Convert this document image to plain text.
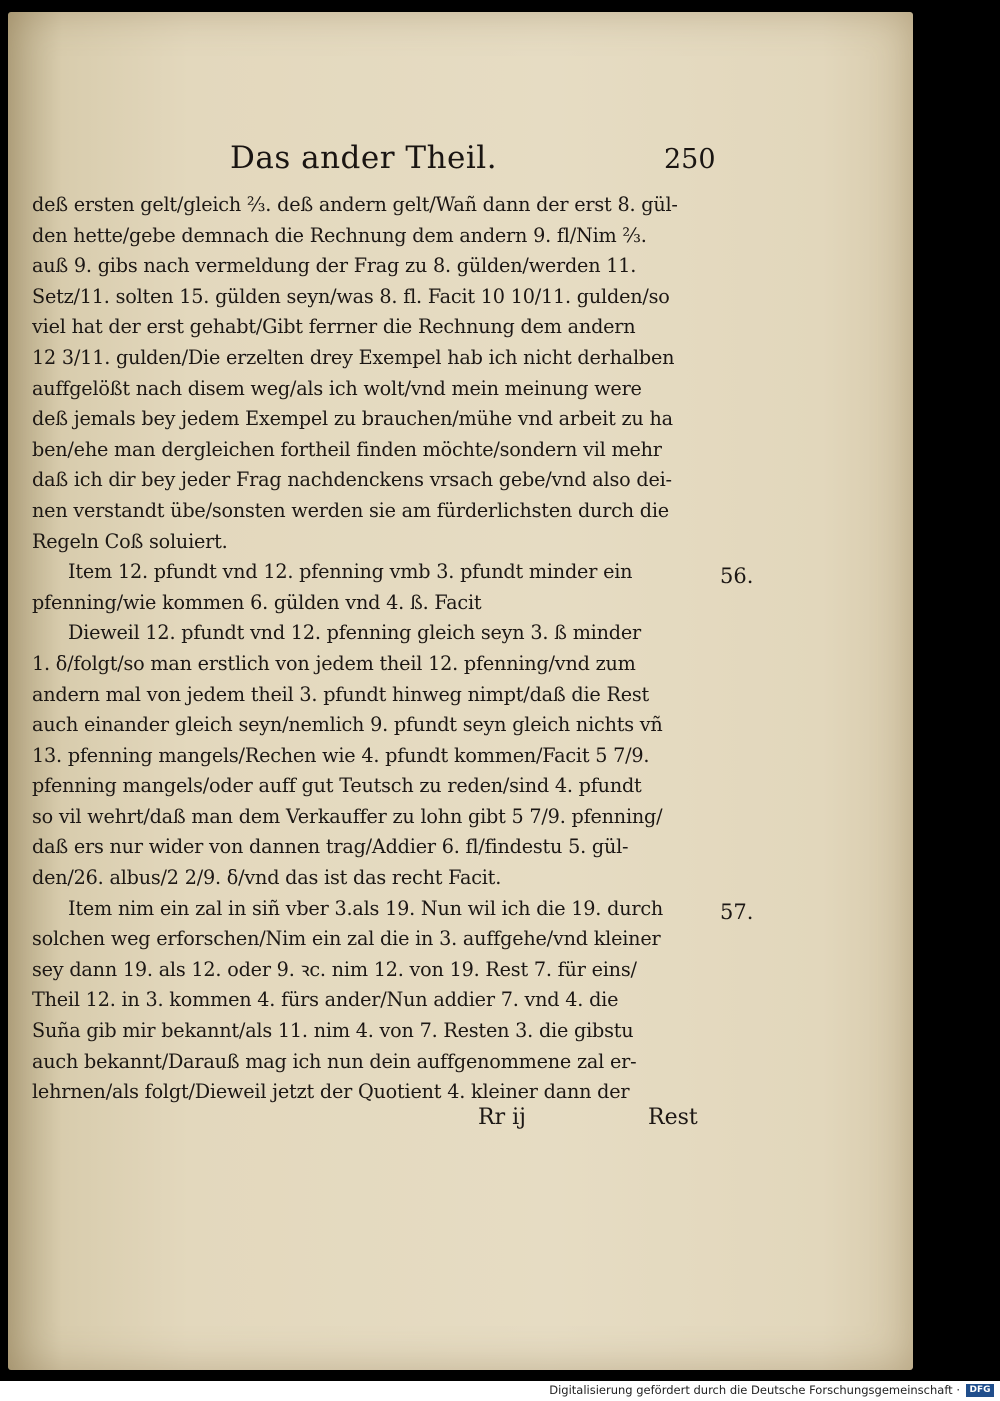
Das ander Theil.	250
deß ersten gelt/gleich ⅔. deß andern gelt/Wañ dann der erst 8. gül-
den hette/gebe demnach die Rechnung dem andern 9. fl/Nim ⅔.
auß 9. gibs nach vermeldung der Frag zu 8. gülden/werden 11.
Setz/11. solten 15. gülden seyn/was 8. fl. Facit 10 10/11. gulden/so
viel hat der erst gehabt/Gibt ferrner die Rechnung dem andern
12 3/11. gulden/Die erzelten drey Exempel hab ich nicht derhalben
auffgelößt nach disem weg/als ich wolt/vnd mein meinung were
deß jemals bey jedem Exempel zu brauchen/mühe vnd arbeit zu ha
ben/ehe man dergleichen fortheil finden möchte/sondern vil mehr
daß ich dir bey jeder Frag nachdenckens vrsach gebe/vnd also dei-
nen verstandt übe/sonsten werden sie am fürderlichsten durch die
Regeln Coß soluiert.
Item 12. pfundt vnd 12. pfenning vmb 3. pfundt minder ein
pfenning/wie kommen 6. gülden vnd 4. ß. Facit
Dieweil 12. pfundt vnd 12. pfenning gleich seyn 3. ß minder
1. δ/folgt/so man erstlich von jedem theil 12. pfenning/vnd zum
andern mal von jedem theil 3. pfundt hinweg nimpt/daß die Rest
auch einander gleich seyn/nemlich 9. pfundt seyn gleich nichts vñ
13. pfenning mangels/Rechen wie 4. pfundt kommen/Facit 5 7/9.
pfenning mangels/oder auff gut Teutsch zu reden/sind 4. pfundt
so vil wehrt/daß man dem Verkauffer zu lohn gibt 5 7/9. pfenning/
daß ers nur wider von dannen trag/Addier 6. fl/findestu 5. gül-
den/26. albus/2 2/9. δ/vnd das ist das recht Facit.
Item nim ein zal in siñ vber 3.als 19. Nun wil ich die 19. durch
solchen weg erforschen/Nim ein zal die in 3. auffgehe/vnd kleiner
sey dann 19. als 12. oder 9. ꝛc. nim 12. von 19. Rest 7. für eins/
Theil 12. in 3. kommen 4. fürs ander/Nun addier 7. vnd 4. die
Suña gib mir bekannt/als 11. nim 4. von 7. Resten 3. die gibstu
auch bekannt/Darauß mag ich nun dein auffgenommene zal er-
lehrnen/als folgt/Dieweil jetzt der Quotient 4. kleiner dann der
56.
57.
Rr ij	Rest
Digitalisierung gefördert durch die Deutsche Forschungsgemeinschaft ·	DFG
